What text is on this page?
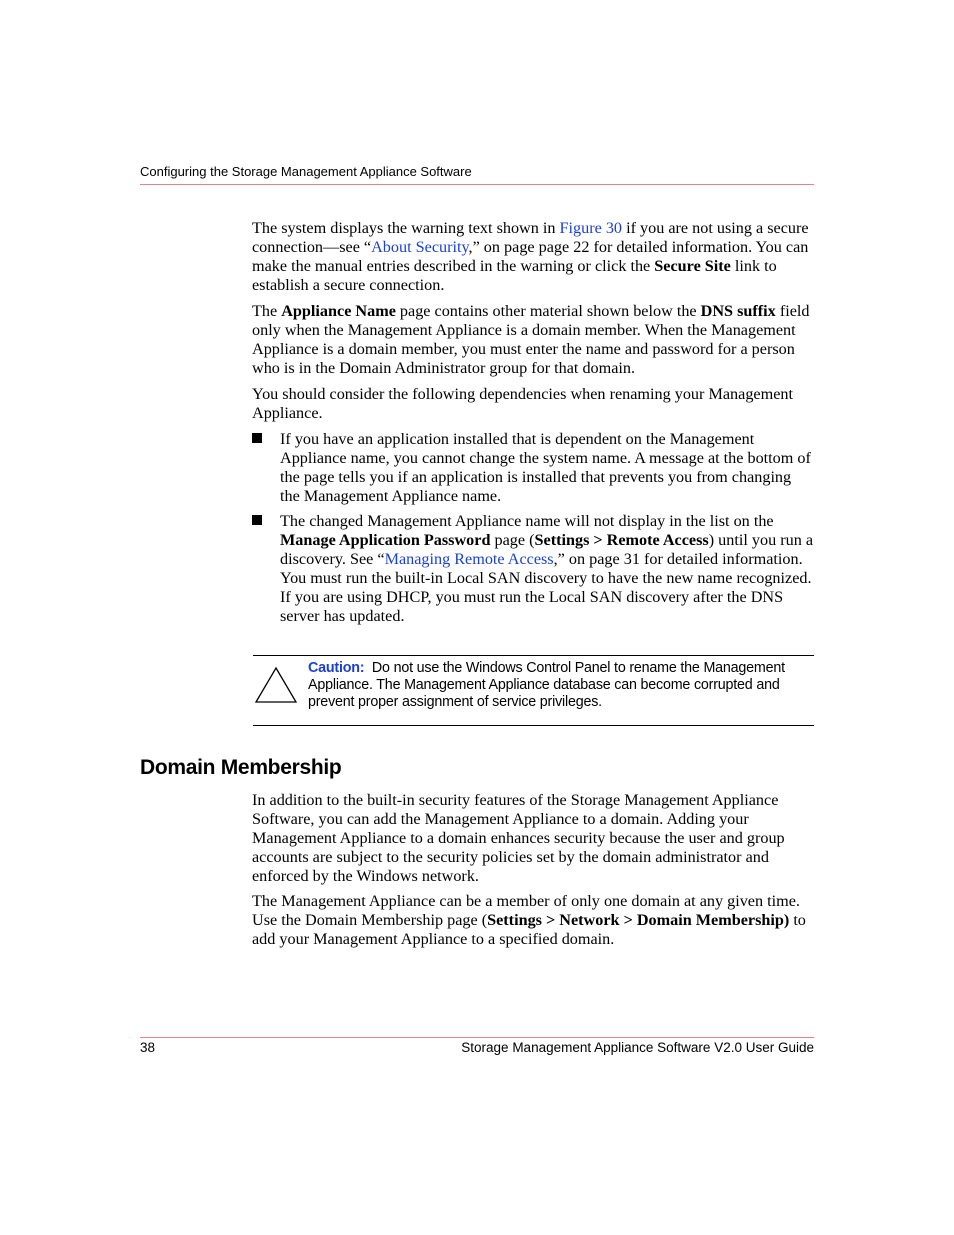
Configuring the Storage Management Appliance Software

The system displays the warning text shown in Figure 30 if you are not using a secure connection—see “About Security,” on page page 22 for detailed information. You can make the manual entries described in the warning or click the Secure Site link to establish a secure connection.

The Appliance Name page contains other material shown below the DNS suffix field only when the Management Appliance is a domain member. When the Management Appliance is a domain member, you must enter the name and password for a person who is in the Domain Administrator group for that domain.

You should consider the following dependencies when renaming your Management Appliance.

If you have an application installed that is dependent on the Management Appliance name, you cannot change the system name. A message at the bottom of the page tells you if an application is installed that prevents you from changing the Management Appliance name.
The changed Management Appliance name will not display in the list on the Manage Application Password page (Settings > Remote Access) until you run a discovery. See “Managing Remote Access,” on page 31 for detailed information. You must run the built-in Local SAN discovery to have the new name recognized. If you are using DHCP, you must run the Local SAN discovery after the DNS server has updated.
Caution: Do not use the Windows Control Panel to rename the Management Appliance. The Management Appliance database can become corrupted and prevent proper assignment of service privileges.
Domain Membership

In addition to the built-in security features of the Storage Management Appliance Software, you can add the Management Appliance to a domain. Adding your Management Appliance to a domain enhances security because the user and group accounts are subject to the security policies set by the domain administrator and enforced by the Windows network.

The Management Appliance can be a member of only one domain at any given time. Use the Domain Membership page (Settings > Network > Domain Membership) to add your Management Appliance to a specified domain.

38	Storage Management Appliance Software V2.0 User Guide
